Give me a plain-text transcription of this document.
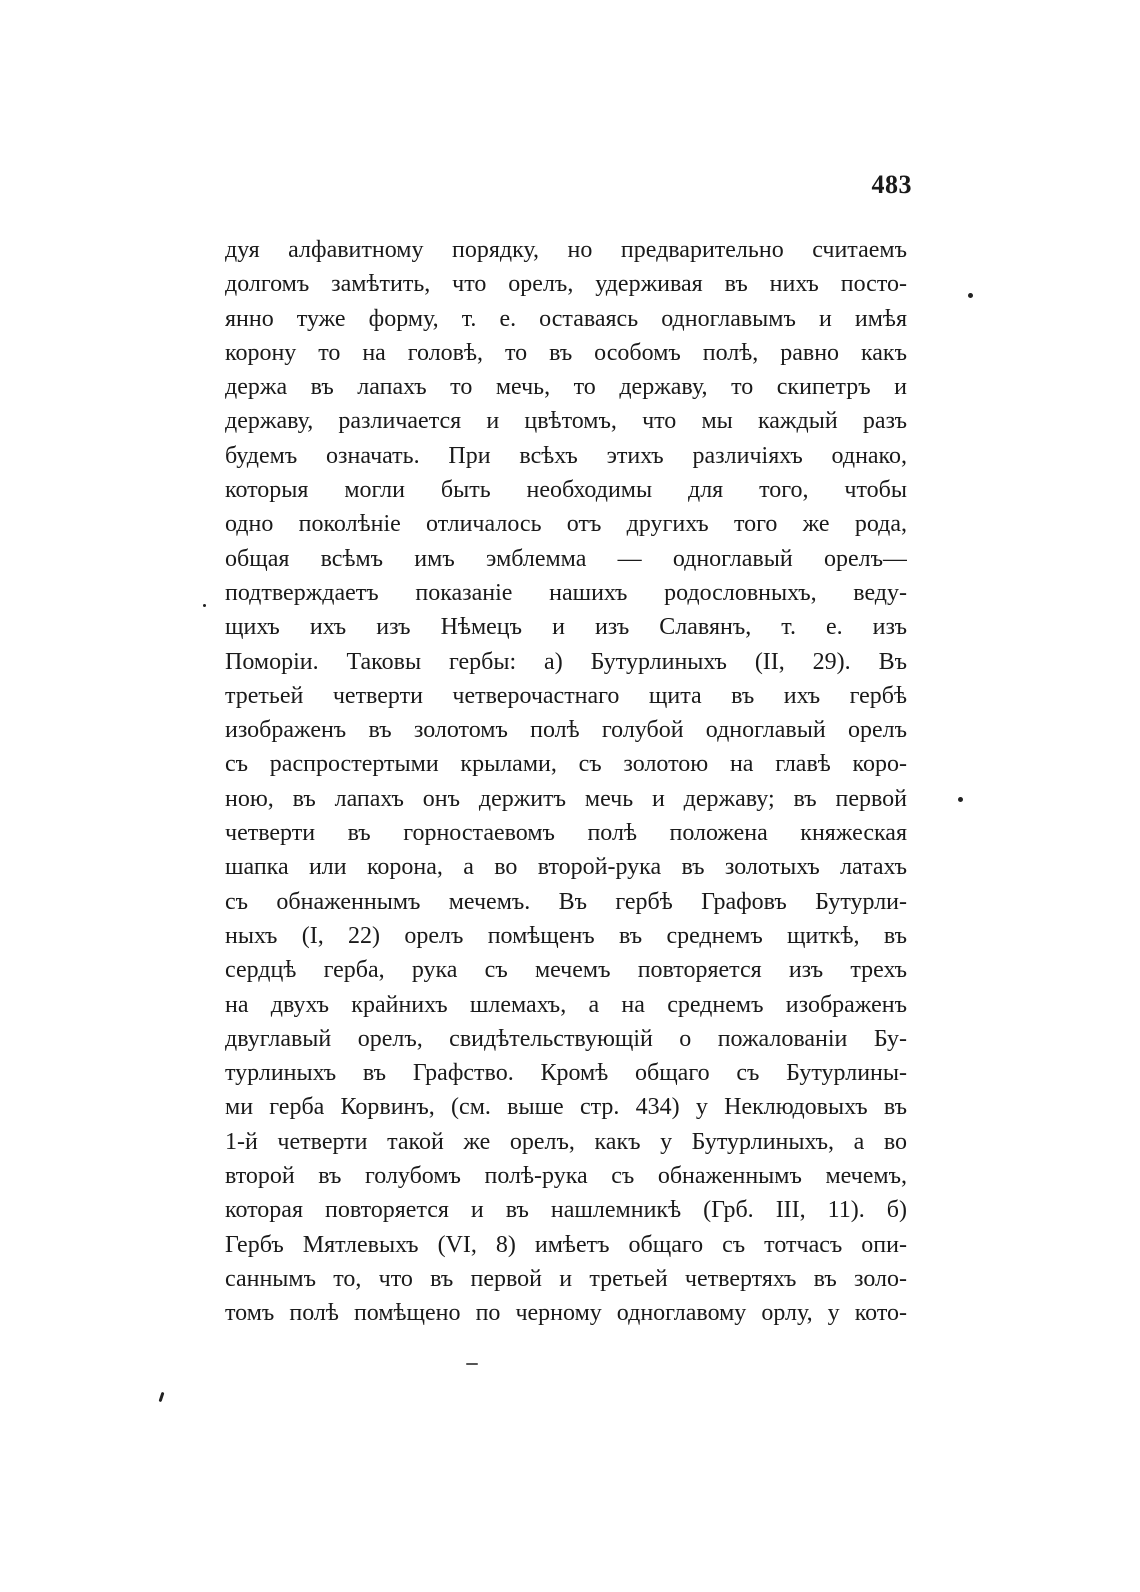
483
дуя алфавитному порядку, но предварительно считаемъ
долгомъ замѣтить, что орелъ, удерживая въ нихъ посто-
янно туже форму, т. е. оставаясь одноглавымъ и имѣя
корону то на головѣ, то въ особомъ полѣ, равно какъ
держа въ лапахъ то мечь, то державу, то скипетръ и
державу, различается и цвѣтомъ, что мы каждый разъ
будемъ означать. При всѣхъ этихъ различіяхъ однако,
которыя могли быть необходимы для того, чтобы
одно поколѣніе отличалось отъ другихъ того же рода,
общая всѣмъ имъ эмблемма — одноглавый орелъ—
подтверждаетъ показаніе нашихъ родословныхъ, веду-
щихъ ихъ изъ Нѣмецъ и изъ Славянъ, т. е. изъ
Поморіи. Таковы гербы: а) Бутурлиныхъ (II, 29). Въ
третьей четверти четверочастнаго щита въ ихъ гербѣ
изображенъ въ золотомъ полѣ голубой одноглавый орелъ
съ распростертыми крылами, съ золотою на главѣ коро-
ною, въ лапахъ онъ держитъ мечь и державу; въ первой
четверти въ горностаевомъ полѣ положена княжеская
шапка или корона, а во второй-рука въ золотыхъ латахъ
съ обнаженнымъ мечемъ. Въ гербѣ Графовъ Бутурли-
ныхъ (I, 22) орелъ помѣщенъ въ среднемъ щиткѣ, въ
сердцѣ герба, рука съ мечемъ повторяется изъ трехъ
на двухъ крайнихъ шлемахъ, а на среднемъ изображенъ
двуглавый орелъ, свидѣтельствующій о пожалованіи Бу-
турлиныхъ въ Графство. Кромѣ общаго съ Бутурлины-
ми герба Корвинъ, (см. выше стр. 434) у Неклюдовыхъ въ
1-й четверти такой же орелъ, какъ у Бутурлиныхъ, а во
второй въ голубомъ полѣ-рука съ обнаженнымъ мечемъ,
которая повторяется и въ нашлемникѣ (Грб. III, 11). б)
Гербъ Мятлевыхъ (VI, 8) имѣетъ общаго съ тотчасъ опи-
саннымъ то, что въ первой и третьей четвертяхъ въ золо-
томъ полѣ помѣщено по черному одноглавому орлу, у кото-
